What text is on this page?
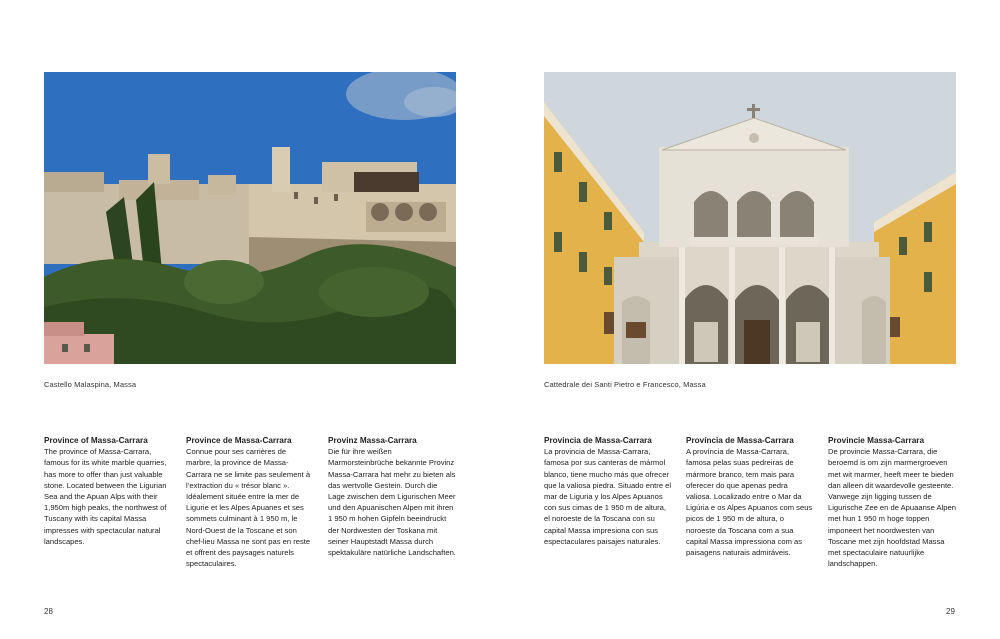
Castello Malaspina, Massa	Cattedrale dei Santi Pietro e Francesco, Massa
Province of Massa-Carrara

The province of Massa-Carrara, famous for its white marble quarries, has more to offer than just valuable stone. Located between the Ligurian Sea and the Apuan Alps with their 1,950m high peaks, the northwest of Tuscany with its capital Massa impresses with spectacular natural landscapes.

Province de Massa-Carrara

Connue pour ses carrières de marbre, la province de Massa-Carrara ne se limite pas seulement à l’extraction du « trésor blanc ». Idéalement située entre la mer de Ligurie et les Alpes Apuanes et ses sommets culminant à 1 950 m, le Nord-Ouest de la Toscane et son chef-lieu Massa ne sont pas en reste et offrent des paysages naturels spectaculaires.

Provinz Massa-Carrara

Die für ihre weißen Marmorsteinbrüche bekannte Provinz Massa-Carrara hat mehr zu bieten als das wertvolle Gestein. Durch die Lage zwischen dem Ligurischen Meer und den Apuanischen Alpen mit ihren 1 950 m hohen Gipfeln beeindruckt der Nordwesten der Toskana mit seiner Hauptstadt Massa durch spektakuläre natürliche Landschaften.

Provincia de Massa-Carrara

La provincia de Massa-Carrara, famosa por sus canteras de mármol blanco, tiene mucho más que ofrecer que la valiosa piedra. Situado entre el mar de Liguria y los Alpes Apuanos con sus cimas de 1 950 m de altura, el noroeste de la Toscana con su capital Massa impresiona con sus espectaculares paisajes naturales.

Província de Massa-Carrara

A província de Massa-Carrara, famosa pelas suas pedreiras de mármore branco, tem mais para oferecer do que apenas pedra valiosa. Localizado entre o Mar da Ligúria e os Alpes Apuanos com seus picos de 1 950 m de altura, o noroeste da Toscana com a sua capital Massa impressiona com as paisagens naturais admiráveis.

Provincie Massa-Carrara

De provincie Massa-Carrara, die beroemd is om zijn marmergroeven met wit marmer, heeft meer te bieden dan alleen dit waardevolle gesteente. Vanwege zijn ligging tussen de Ligurische Zee en de Apuaanse Alpen met hun 1 950 m hoge toppen imponeert het noordwesten van Toscane met zijn hoofdstad Massa met spectaculaire natuurlijke landschappen.

28	29
